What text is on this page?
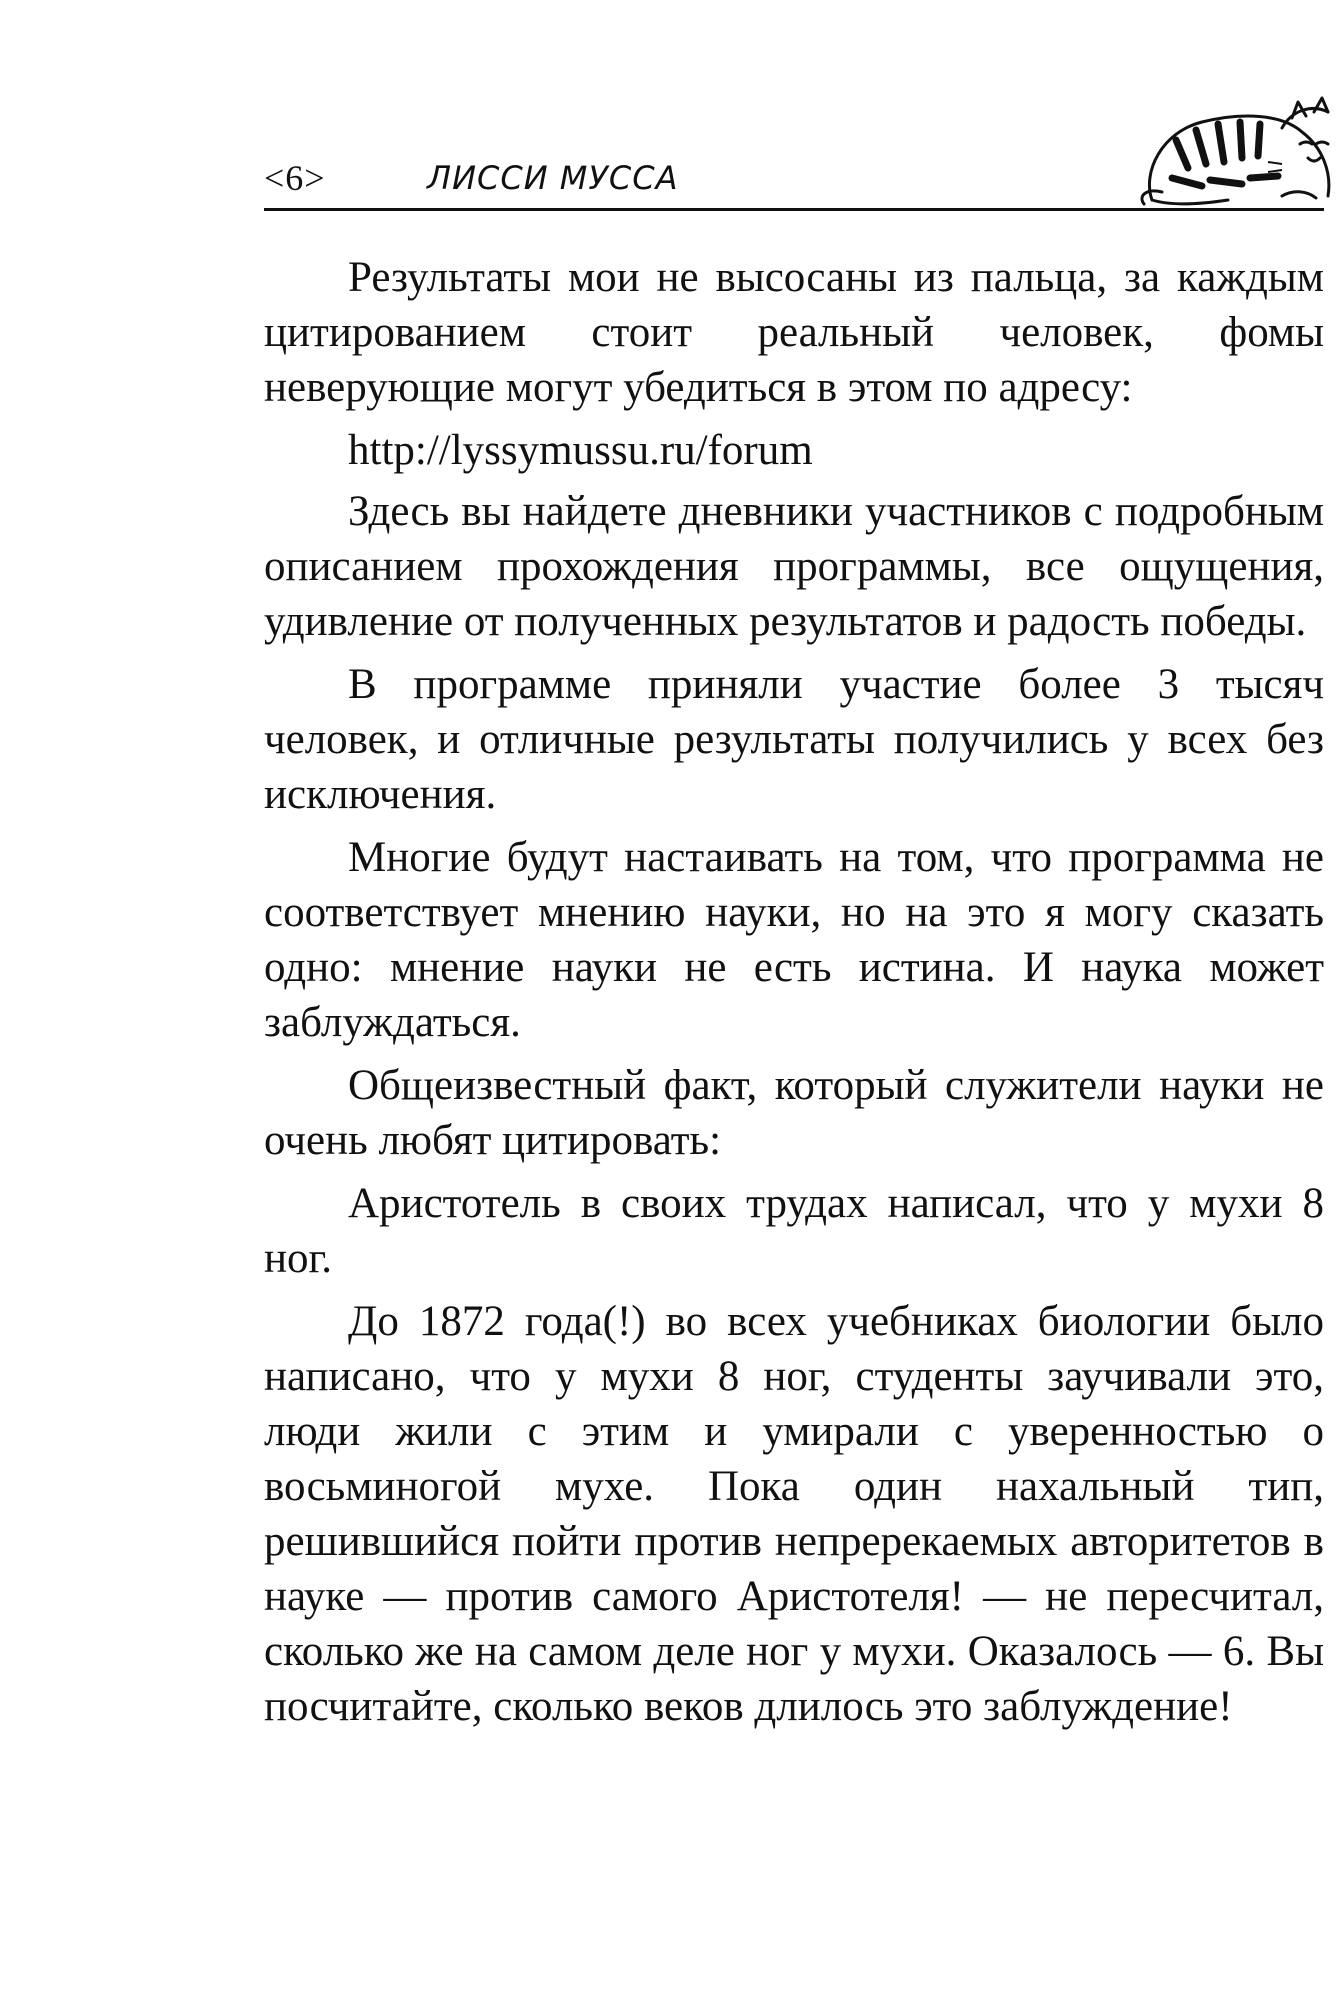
<6>	ЛИССИ МУССА

Результаты мои не высосаны из пальца, за каждым цитированием стоит реальный человек, фомы неверующие могут убедиться в этом по адресу:

http://lyssymussu.ru/forum

Здесь вы найдете дневники участников с подробным описанием прохождения программы, все ощущения, удивление от полученных результатов и радость победы.

В программе приняли участие более 3 тысяч человек, и отличные результаты получились у всех без исключения.

Многие будут настаивать на том, что программа не соответствует мнению науки, но на это я могу сказать одно: мнение науки не есть истина. И наука может заблуждаться.

Общеизвестный факт, который служители науки не очень любят цитировать:

Аристотель в своих трудах написал, что у мухи 8 ног.

До 1872 года(!) во всех учебниках биологии было написано, что у мухи 8 ног, студенты заучивали это, люди жили с этим и умирали с уверенностью о восьминогой мухе. Пока один нахальный тип, решившийся пойти против непререкаемых авторитетов в науке — против самого Аристотеля! — не пересчитал, сколько же на самом деле ног у мухи. Оказалось — 6. Вы посчитайте, сколько веков длилось это заблуждение!
